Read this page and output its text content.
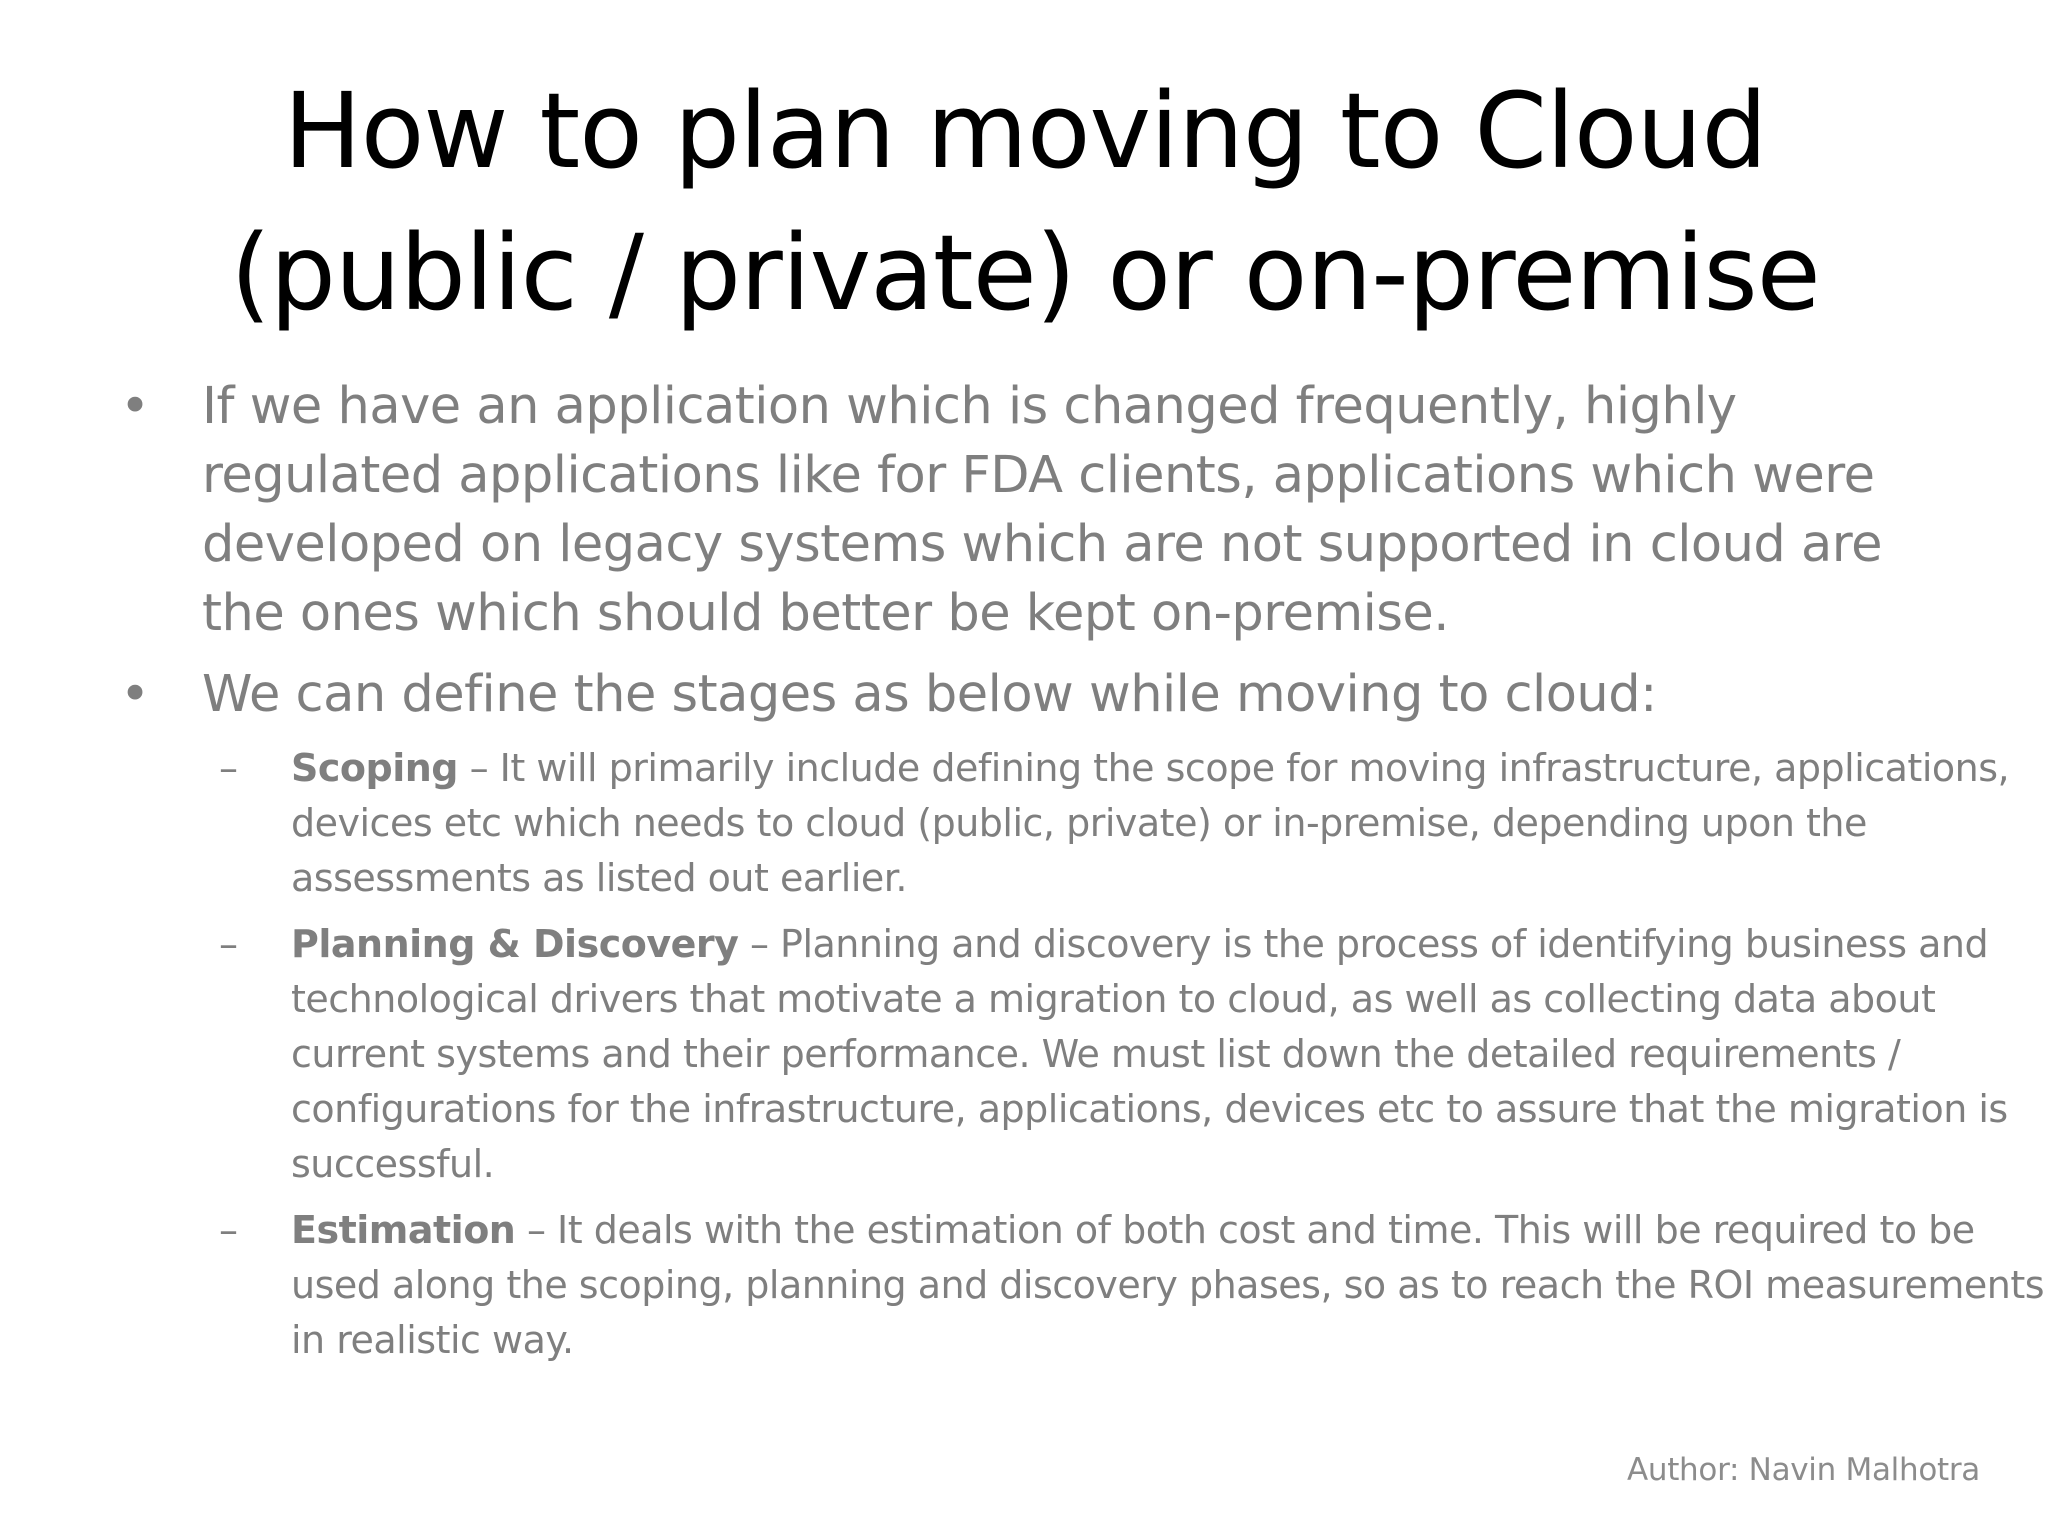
How to plan moving to Cloud (public / private) or on-premise
• If we have an application which is changed frequently, highly regulated applications like for FDA clients, applications which were developed on legacy systems which are not supported in cloud are the ones which should better be kept on-premise.
• We can define the stages as below while moving to cloud:
– Scoping – It will primarily include defining the scope for moving infrastructure, applications, devices etc which needs to cloud (public, private) or in-premise, depending upon the assessments as listed out earlier.
– Planning & Discovery – Planning and discovery is the process of identifying business and technological drivers that motivate a migration to cloud, as well as collecting data about current systems and their performance. We must list down the detailed requirements / configurations for the infrastructure, applications, devices etc to assure that the migration is successful.
– Estimation – It deals with the estimation of both cost and time. This will be required to be used along the scoping, planning and discovery phases, so as to reach the ROI measurements in realistic way.
Author: Navin Malhotra
